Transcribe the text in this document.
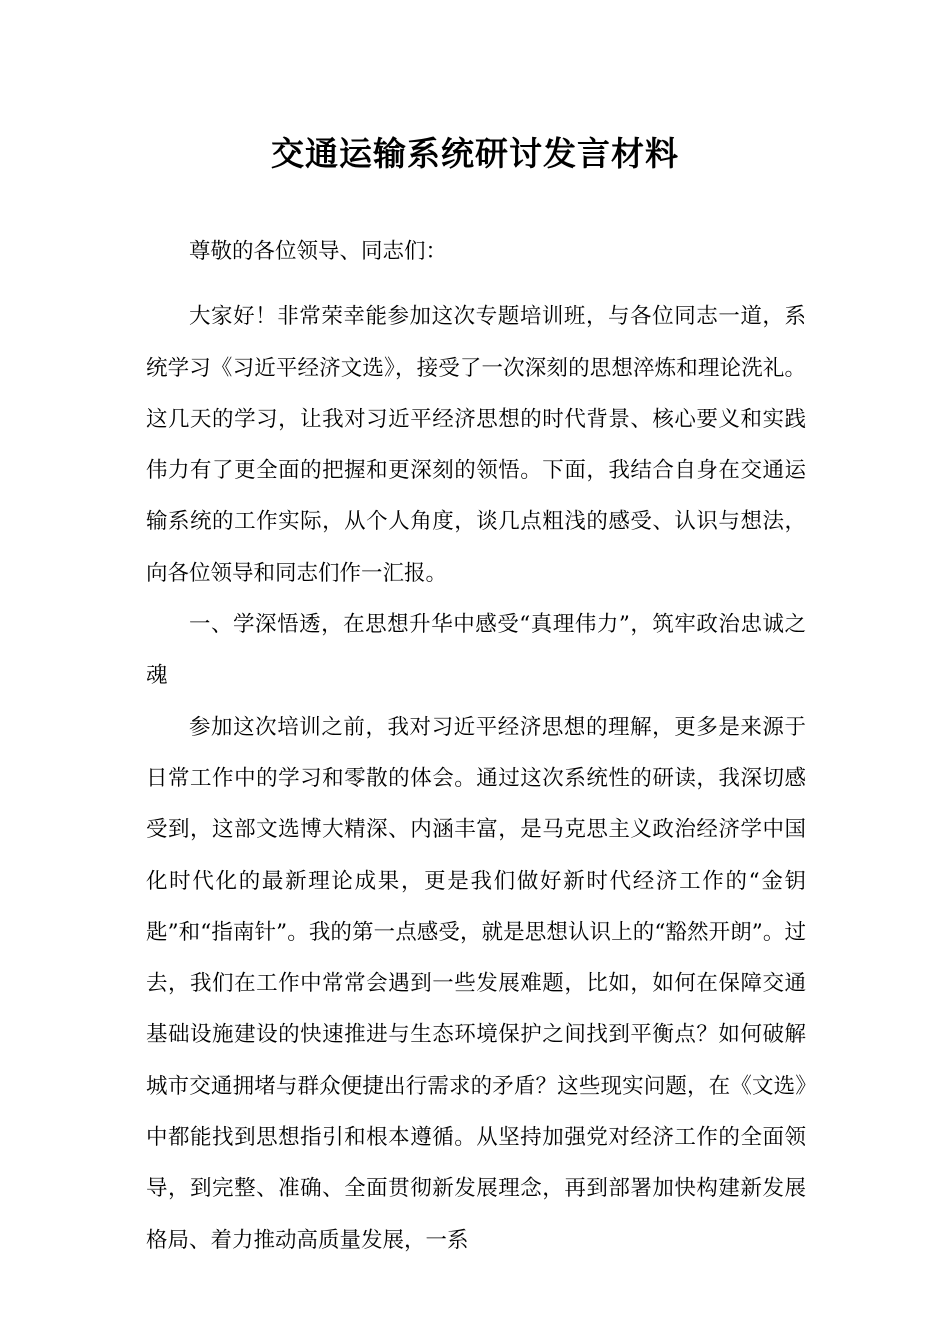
交通运输系统研讨发言材料

尊敬的各位领导、同志们：

大家好！非常荣幸能参加这次专题培训班，与各位同志一道，系统学习《习近平经济文选》，接受了一次深刻的思想淬炼和理论洗礼。这几天的学习，让我对习近平经济思想的时代背景、核心要义和实践伟力有了更全面的把握和更深刻的领悟。下面，我结合自身在交通运输系统的工作实际，从个人角度，谈几点粗浅的感受、认识与想法，向各位领导和同志们作一汇报。

一、学深悟透，在思想升华中感受“真理伟力”，筑牢政治忠诚之魂

参加这次培训之前，我对习近平经济思想的理解，更多是来源于日常工作中的学习和零散的体会。通过这次系统性的研读，我深切感受到，这部文选博大精深、内涵丰富，是马克思主义政治经济学中国化时代化的最新理论成果，更是我们做好新时代经济工作的“金钥匙”和“指南针”。我的第一点感受，就是思想认识上的“豁然开朗”。过去，我们在工作中常常会遇到一些发展难题，比如，如何在保障交通基础设施建设的快速推进与生态环境保护之间找到平衡点？如何破解城市交通拥堵与群众便捷出行需求的矛盾？这些现实问题，在《文选》中都能找到思想指引和根本遵循。从坚持加强党对经济工作的全面领导，到完整、准确、全面贯彻新发展理念，再到部署加快构建新发展格局、着力推动高质量发展，一系
